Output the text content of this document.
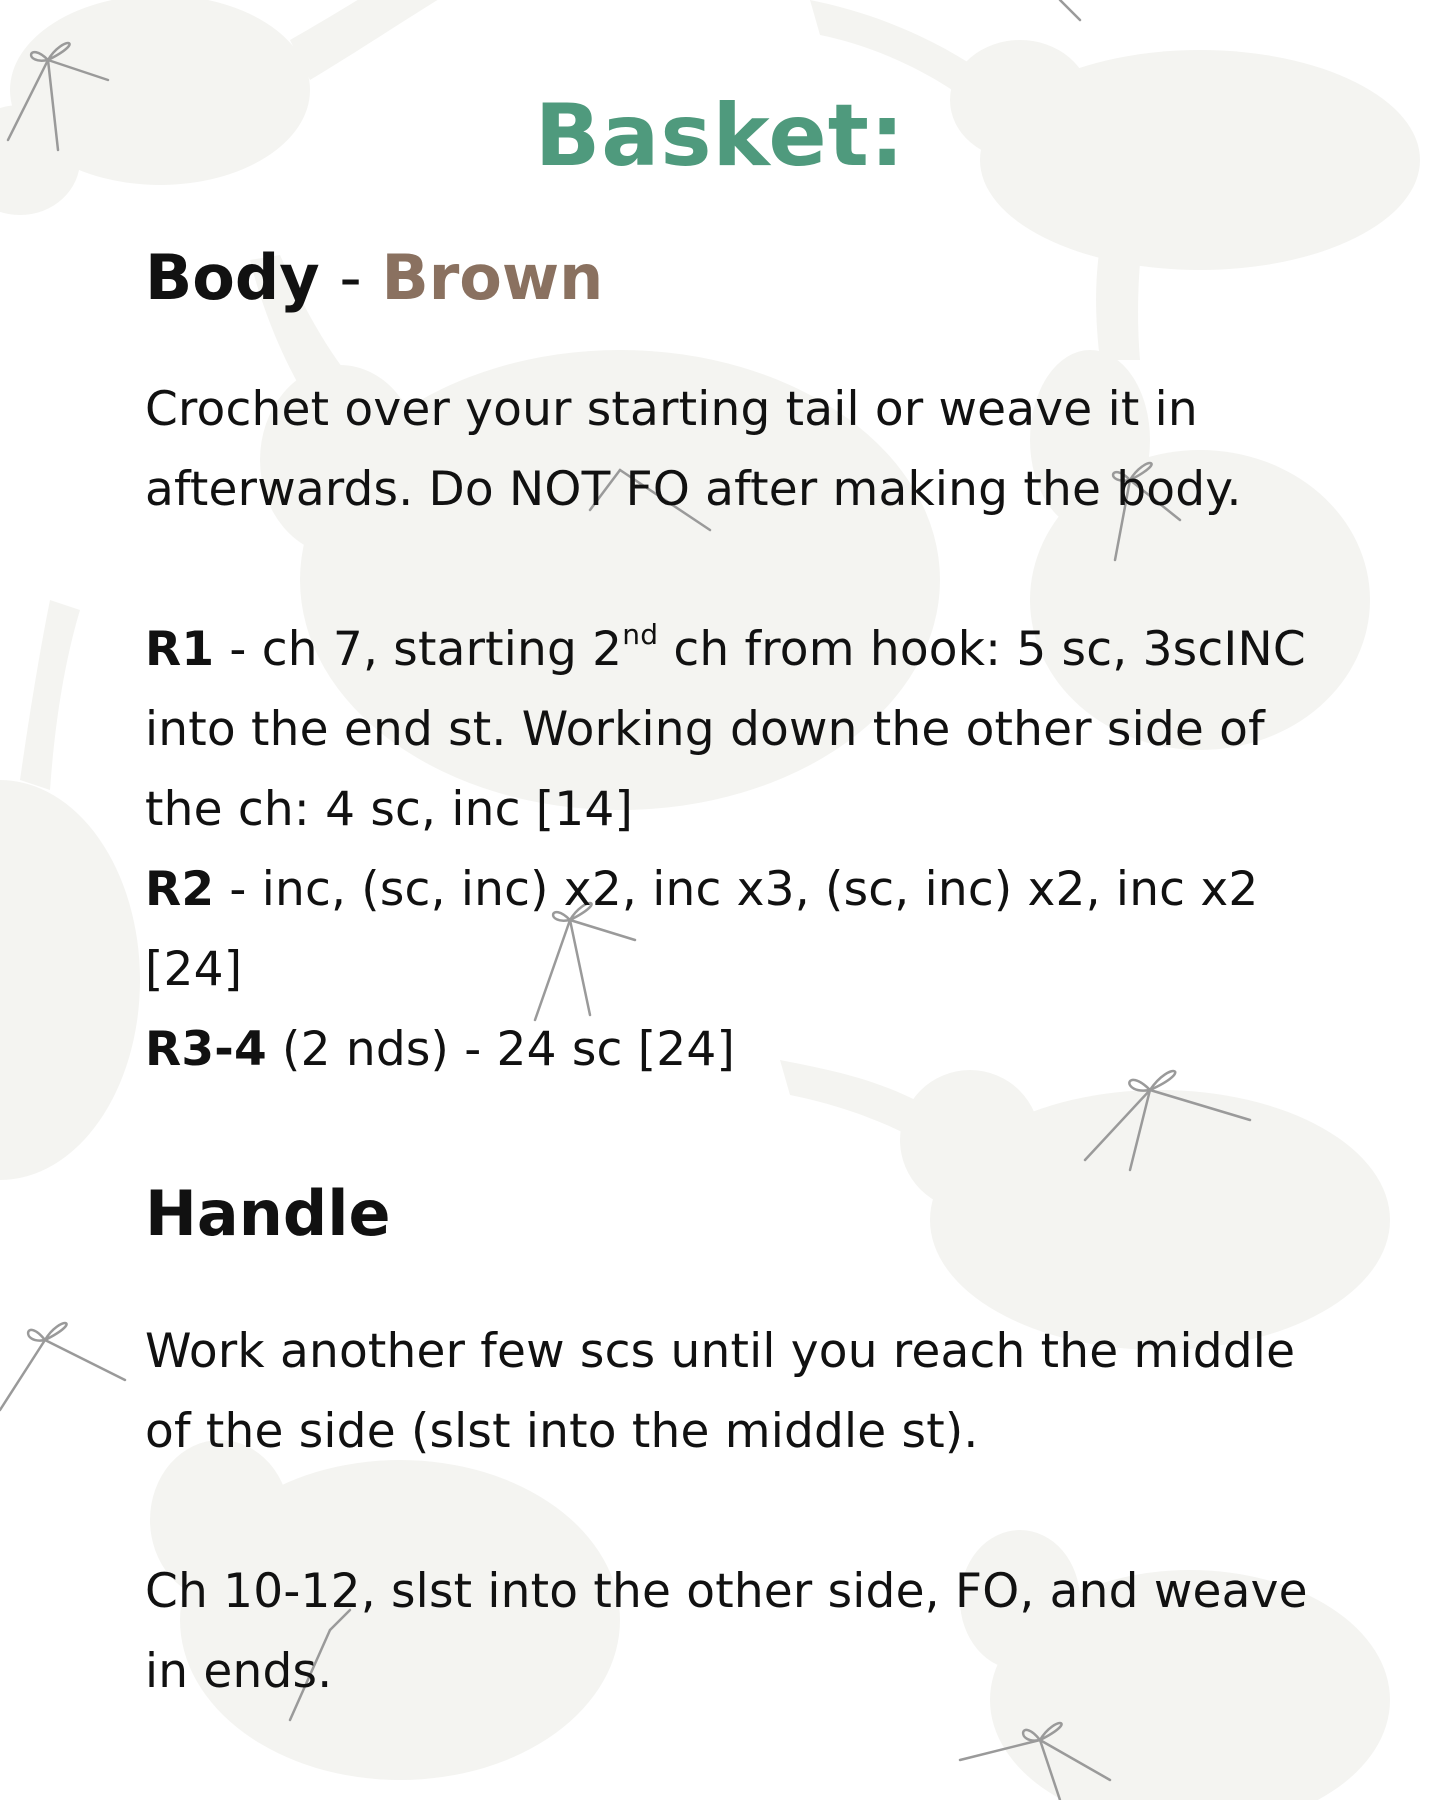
Basket:
Body - Brown

Crochet over your starting tail or weave it in afterwards. Do NOT FO after making the body.

R1 - ch 7, starting 2nd ch from hook: 5 sc, 3scINC into the end st. Working down the other side of the ch: 4 sc, inc [14]
R2 - inc, (sc, inc) x2, inc x3, (sc, inc) x2, inc x2 [24]
R3-4 (2 nds) - 24 sc [24]

Handle

Work another few scs until you reach the middle of the side (slst into the middle st).

Ch 10-12, slst into the other side, FO, and weave in ends.
